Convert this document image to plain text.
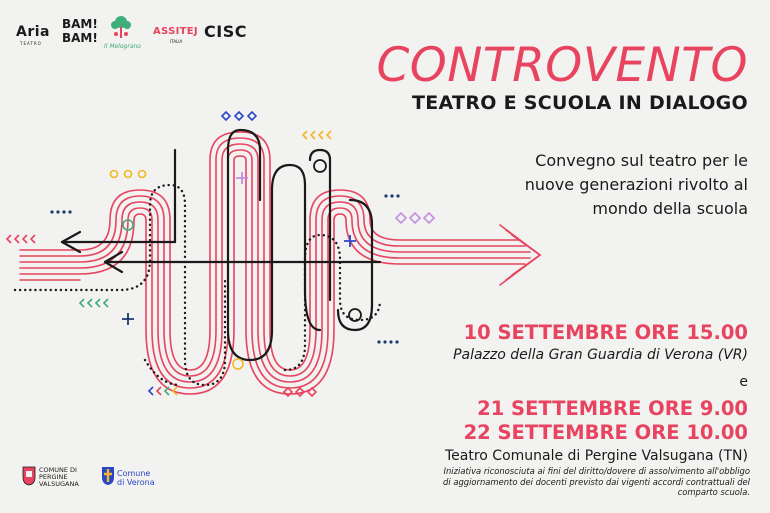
Aria
TEATRO
BAM!
BAM!
Il Melograno
ASSITEJ
ITALIA
CISC
CONTROVENTO
TEATRO E SCUOLA IN DIALOGO
Convegno sul teatro per le
nuove generazioni rivolto al
mondo della scuola
10 SETTEMBRE ORE 15.00
Palazzo della Gran Guardia di Verona (VR)
e
21 SETTEMBRE ORE 9.00
22 SETTEMBRE ORE 10.00
Teatro Comunale di Pergine Valsugana (TN)
Iniziativa riconosciuta ai fini del diritto/dovere di assolvimento all'obbligo
di aggiornamento dei docenti previsto dai vigenti accordi contrattuali del
comparto scuola.
COMUNE DI
PERGINE
VALSUGANA
Comune
di Verona
